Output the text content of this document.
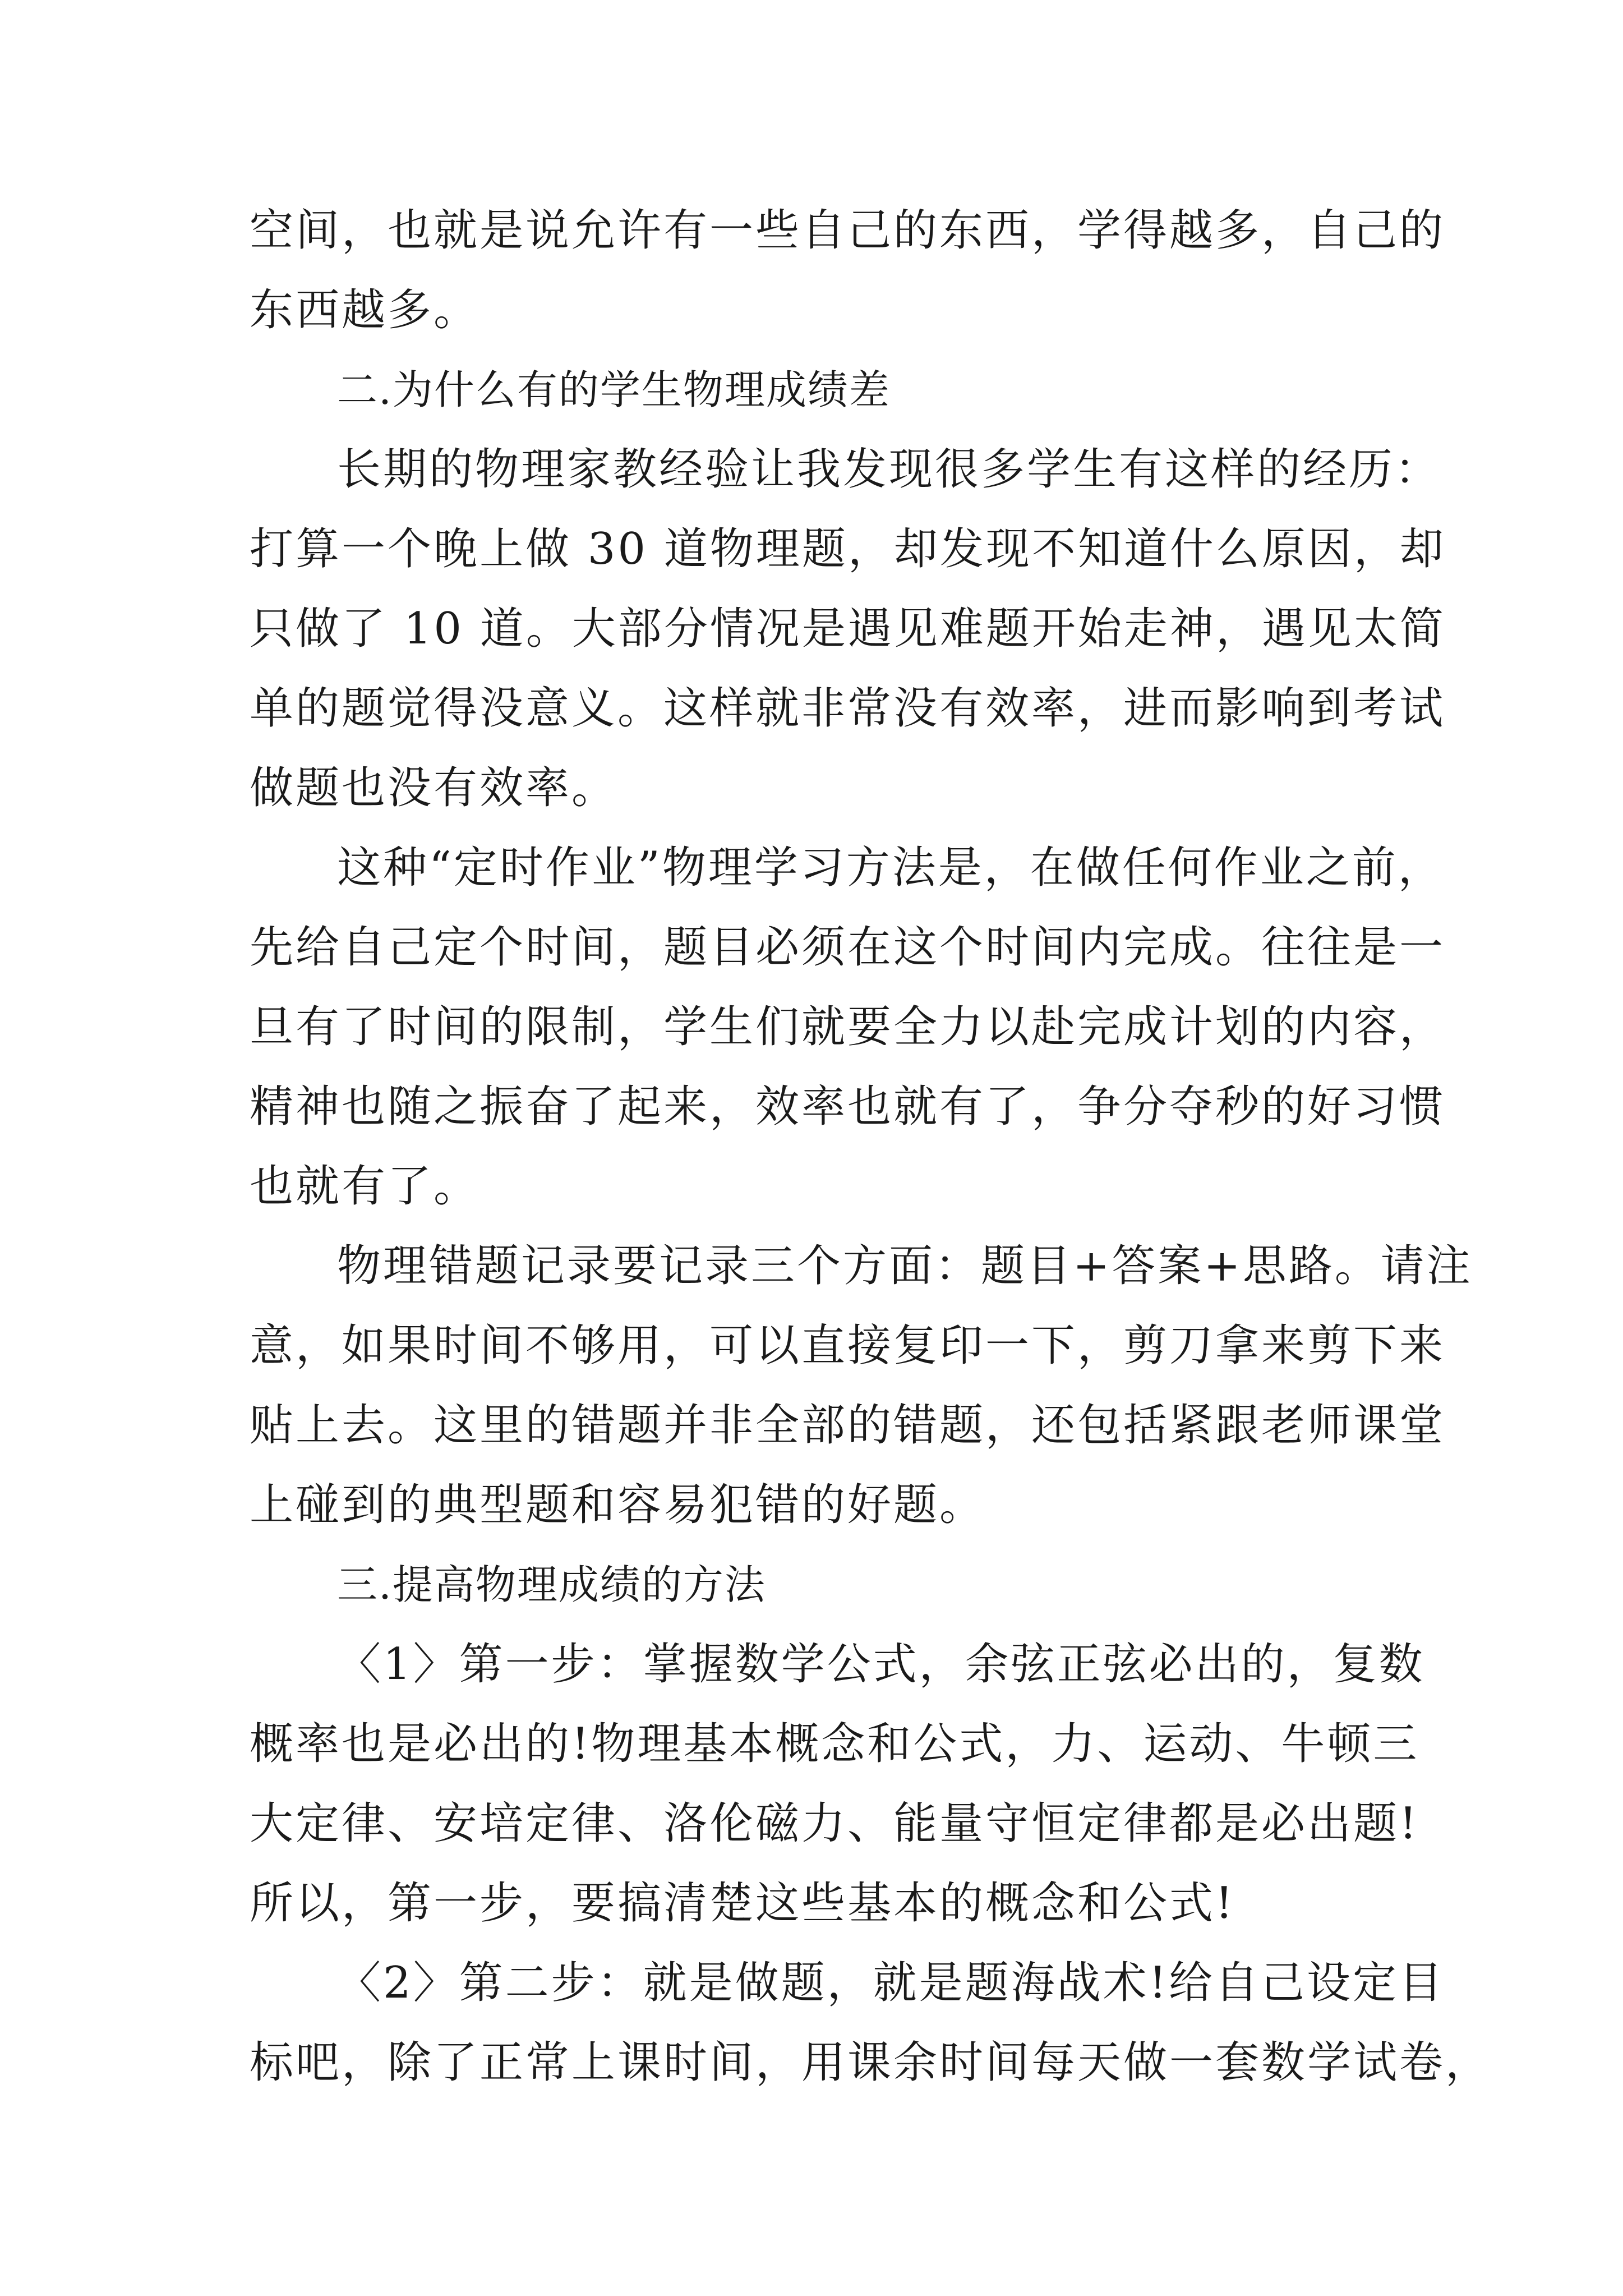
空间，也就是说允许有一些自己的东西，学得越多，自己的
东西越多。
二.为什么有的学生物理成绩差
长期的物理家教经验让我发现很多学生有这样的经历：
打算一个晚上做 30 道物理题，却发现不知道什么原因，却
只做了 10 道。大部分情况是遇见难题开始走神，遇见太简
单的题觉得没意义。这样就非常没有效率，进而影响到考试
做题也没有效率。
这种“定时作业”物理学习方法是，在做任何作业之前，
先给自己定个时间，题目必须在这个时间内完成。往往是一
旦有了时间的限制，学生们就要全力以赴完成计划的内容，
精神也随之振奋了起来，效率也就有了，争分夺秒的好习惯
也就有了。
物理错题记录要记录三个方面：题目+答案+思路。请注
意，如果时间不够用，可以直接复印一下，剪刀拿来剪下来
贴上去。这里的错题并非全部的错题，还包括紧跟老师课堂
上碰到的典型题和容易犯错的好题。
三.提高物理成绩的方法
〈1〉第一步：掌握数学公式，余弦正弦必出的，复数
概率也是必出的!物理基本概念和公式，力、运动、牛顿三
大定律、安培定律、洛伦磁力、能量守恒定律都是必出题!
所以，第一步，要搞清楚这些基本的概念和公式!
〈2〉第二步：就是做题，就是题海战术!给自己设定目
标吧，除了正常上课时间，用课余时间每天做一套数学试卷，
